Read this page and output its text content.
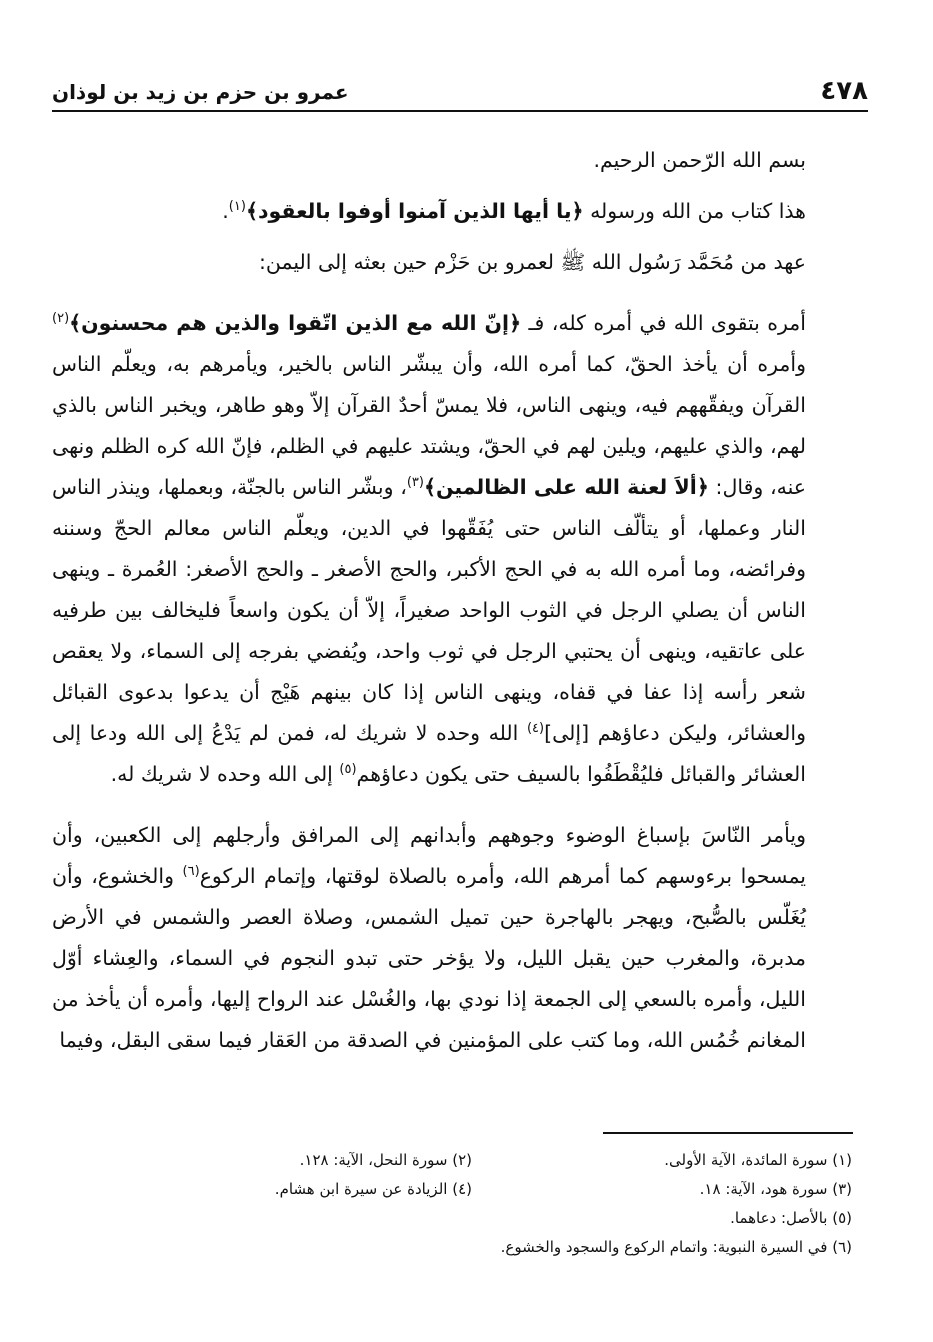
٤٧٨
عمرو بن حزم بن زيد بن لوذان

بسم الله الرّحمن الرحيم.

هذا كتاب من الله ورسوله ﴿يا أيها الذين آمنوا أوفوا بالعقود﴾$^{(١)}$.

عهد من مُحَمَّد رَسُول الله ﷺ لعمرو بن حَزْم حين بعثه إلى اليمن:

أمره بتقوى الله في أمره كله، فـ ﴿إنّ الله مع الذين اتّقوا والذين هم محسنون﴾$^{(٢)}$ وأمره أن يأخذ الحقّ، كما أمره الله، وأن يبشّر الناس بالخير، ويأمرهم به، ويعلّم الناس القرآن ويفقّههم فيه، وينهى الناس، فلا يمسّ أحدٌ القرآن إلاّ وهو طاهر، ويخبر الناس بالذي لهم، والذي عليهم، ويلين لهم في الحقّ، ويشتد عليهم في الظلم، فإنّ الله كره الظلم ونهى عنه، وقال: ﴿ألاَ لعنة الله على الظالمين﴾$^{(٣)}$، وبشّر الناس بالجنّة، وبعملها، وينذر الناس النار وعملها، أو يتألّف الناس حتى يُفَقّهوا في الدين، ويعلّم الناس معالم الحجّ وسننه وفرائضه، وما أمره الله به في الحج الأكبر، والحج الأصغر ـ والحج الأصغر: العُمرة ـ وينهى الناس أن يصلي الرجل في الثوب الواحد صغيراً، إلاّ أن يكون واسعاً فليخالف بين طرفيه على عاتقيه، وينهى أن يحتبي الرجل في ثوب واحد، ويُفضي بفرجه إلى السماء، ولا يعقص شعر رأسه إذا عفا في قفاه، وينهى الناس إذا كان بينهم هَيْج أن يدعوا بدعوى القبائل والعشائر، وليكن دعاؤهم [إلى]$^{(٤)}$ الله وحده لا شريك له، فمن لم يَدْعُ إلى الله ودعا إلى العشائر والقبائل فليُقْطَفُوا بالسيف حتى يكون دعاؤهم$^{(٥)}$ إلى الله وحده لا شريك له.

ويأمر النّاسَ بإسباغ الوضوء وجوههم وأبدانهم إلى المرافق وأرجلهم إلى الكعبين، وأن يمسحوا برءوسهم كما أمرهم الله، وأمره بالصلاة لوقتها، وإتمام الركوع$^{(٦)}$ والخشوع، وأن يُغَلّس بالصُّبح، ويهجر بالهاجرة حين تميل الشمس، وصلاة العصر والشمس في الأرض مدبرة، والمغرب حين يقبل الليل، ولا يؤخر حتى تبدو النجوم في السماء، والعِشاء أوّل الليل، وأمره بالسعي إلى الجمعة إذا نودي بها، والغُسْل عند الرواح إليها، وأمره أن يأخذ من المغانم خُمُس الله، وما كتب على المؤمنين في الصدقة من العَقار فيما سقى البقل، وفيما

(١) سورة المائدة، الآية الأولى.
(٢) سورة النحل، الآية: ١٢٨.
(٣) سورة هود، الآية: ١٨.
(٤) الزيادة عن سيرة ابن هشام.
(٥) بالأصل: دعاهما.
(٦) في السيرة النبوية: واتمام الركوع والسجود والخشوع.
